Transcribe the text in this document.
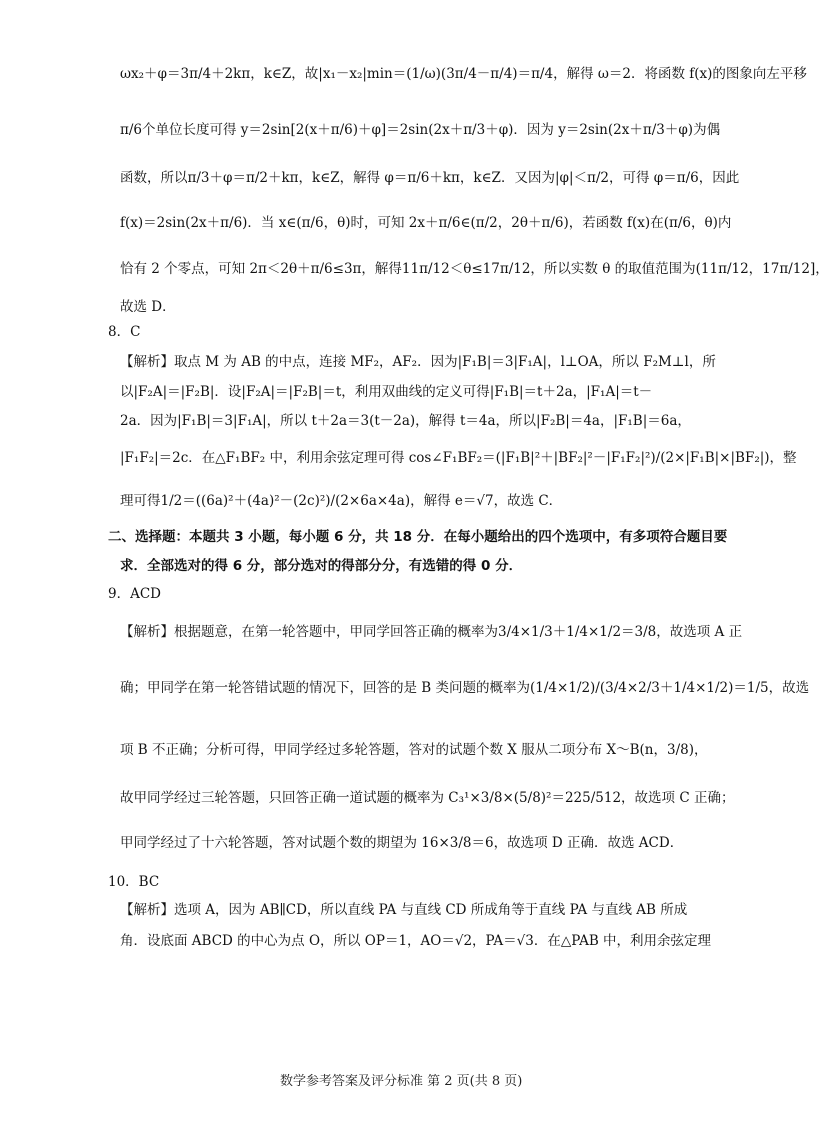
ωx₂＋φ＝3π/4＋2kπ，k∈Z，故|x₁－x₂|min＝(1/ω)(3π/4－π/4)＝π/4，解得 ω＝2．将函数 f(x)的图象向左平移
π/6个单位长度可得 y＝2sin[2(x＋π/6)＋φ]＝2sin(2x＋π/3＋φ)．因为 y＝2sin(2x＋π/3＋φ)为偶
函数，所以π/3＋φ＝π/2＋kπ，k∈Z，解得 φ＝π/6＋kπ，k∈Z．又因为|φ|＜π/2，可得 φ＝π/6，因此
f(x)＝2sin(2x＋π/6)．当 x∈(π/6，θ)时，可知 2x＋π/6∈(π/2，2θ＋π/6)，若函数 f(x)在(π/6，θ)内
恰有 2 个零点，可知 2π＜2θ＋π/6≤3π，解得11π/12＜θ≤17π/12，所以实数 θ 的取值范围为(11π/12，17π/12]，
故选 D．
8．C
【解析】取点 M 为 AB 的中点，连接 MF₂，AF₂．因为|F₁B|＝3|F₁A|，l⊥OA，所以 F₂M⊥l，所
以|F₂A|＝|F₂B|．设|F₂A|＝|F₂B|＝t，利用双曲线的定义可得|F₁B|＝t＋2a，|F₁A|＝t－
2a．因为|F₁B|＝3|F₁A|，所以 t＋2a＝3(t－2a)，解得 t＝4a，所以|F₂B|＝4a，|F₁B|＝6a，
|F₁F₂|＝2c．在△F₁BF₂ 中，利用余弦定理可得 cos∠F₁BF₂＝(|F₁B|²＋|BF₂|²－|F₁F₂|²)/(2×|F₁B|×|BF₂|)，整
理可得1/2＝((6a)²＋(4a)²－(2c)²)/(2×6a×4a)，解得 e＝√7，故选 C．
二、选择题：本题共 3 小题，每小题 6 分，共 18 分．在每小题给出的四个选项中，有多项符合题目要
求．全部选对的得 6 分，部分选对的得部分分，有选错的得 0 分．
9．ACD
【解析】根据题意，在第一轮答题中，甲同学回答正确的概率为3/4×1/3＋1/4×1/2＝3/8，故选项 A 正
确；甲同学在第一轮答错试题的情况下，回答的是 B 类问题的概率为(1/4×1/2)/(3/4×2/3＋1/4×1/2)＝1/5，故选
项 B 不正确；分析可得，甲同学经过多轮答题，答对的试题个数 X 服从二项分布 X～B(n，3/8)，
故甲同学经过三轮答题，只回答正确一道试题的概率为 C₃¹×3/8×(5/8)²＝225/512，故选项 C 正确；
甲同学经过了十六轮答题，答对试题个数的期望为 16×3/8＝6，故选项 D 正确．故选 ACD．
10．BC
【解析】选项 A，因为 AB∥CD，所以直线 PA 与直线 CD 所成角等于直线 PA 与直线 AB 所成
角．设底面 ABCD 的中心为点 O，所以 OP＝1，AO＝√2，PA＝√3．在△PAB 中，利用余弦定理
数学参考答案及评分标准 第 2 页(共 8 页)
